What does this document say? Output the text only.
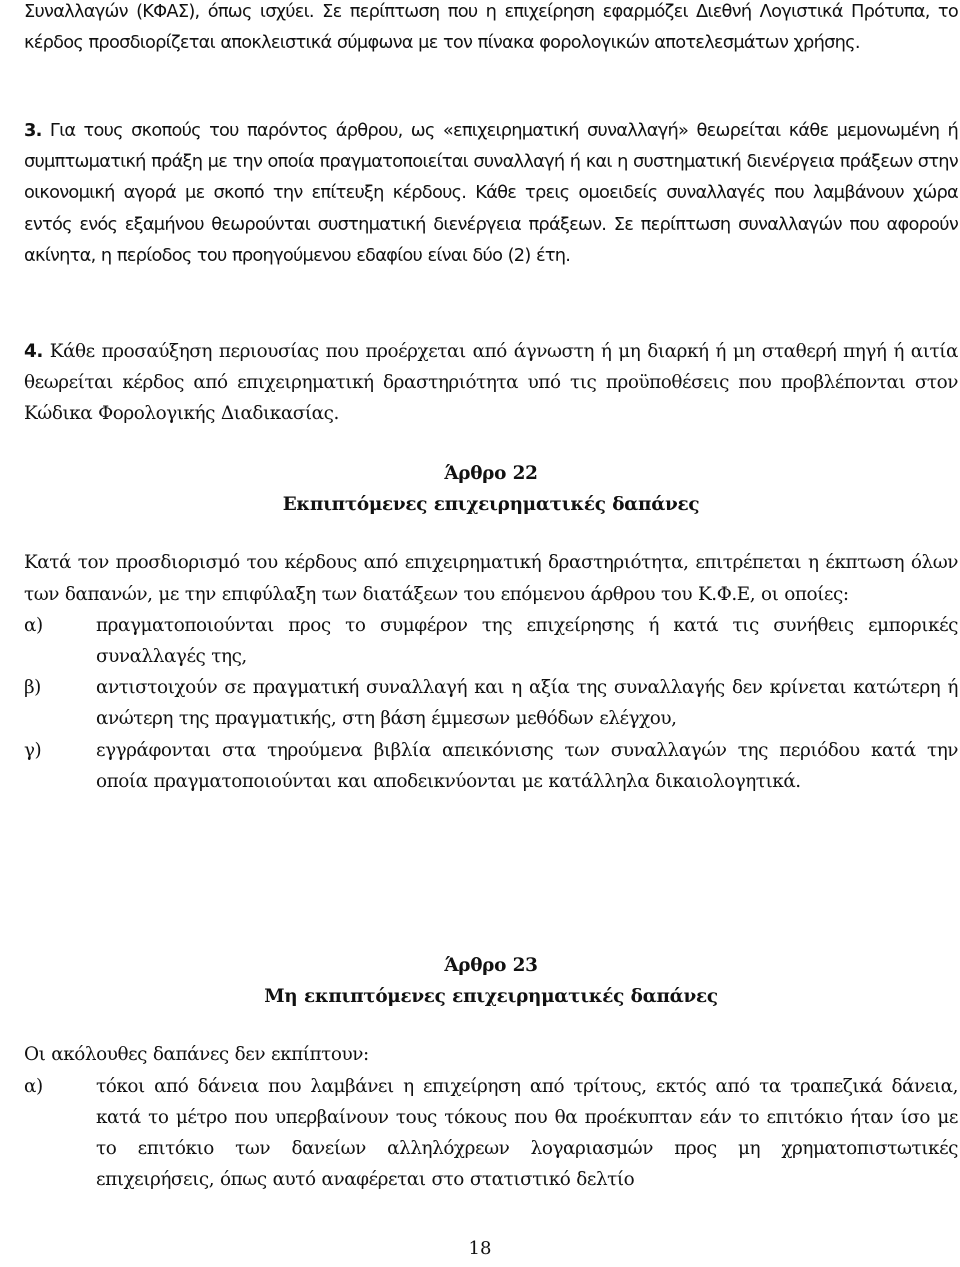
Συναλλαγών (ΚΦΑΣ), όπως ισχύει. Σε περίπτωση που η επιχείρηση εφαρμόζει Διεθνή Λογιστικά Πρότυπα, το κέρδος προσδιορίζεται αποκλειστικά σύμφωνα με τον πίνακα φορολογικών αποτελεσμάτων χρήσης.

3. Για τους σκοπούς του παρόντος άρθρου, ως «επιχειρηματική συναλλαγή» θεωρείται κάθε μεμονωμένη ή συμπτωματική πράξη με την οποία πραγματοποιείται συναλλαγή ή και η συστηματική διενέργεια πράξεων στην οικονομική αγορά με σκοπό την επίτευξη κέρδους. Κάθε τρεις ομοειδείς συναλλαγές που λαμβάνουν χώρα εντός ενός εξαμήνου θεωρούνται συστηματική διενέργεια πράξεων. Σε περίπτωση συναλλαγών που αφορούν ακίνητα, η περίοδος του προηγούμενου εδαφίου είναι δύο (2) έτη.

4. Κάθε προσαύξηση περιουσίας που προέρχεται από άγνωστη ή μη διαρκή ή μη σταθερή πηγή ή αιτία θεωρείται κέρδος από επιχειρηματική δραστηριότητα υπό τις προϋποθέσεις που προβλέπονται στον Κώδικα Φορολογικής Διαδικασίας.

Άρθρο 22

Εκπιπτόμενες επιχειρηματικές δαπάνες

Κατά τον προσδιορισμό του κέρδους από επιχειρηματική δραστηριότητα, επιτρέπεται η έκπτωση όλων των δαπανών, με την επιφύλαξη των διατάξεων του επόμενου άρθρου του Κ.Φ.Ε, οι οποίες:

α)	πραγματοποιούνται προς το συμφέρον της επιχείρησης ή κατά τις συνήθεις εμπορικές συναλλαγές της,
β)	αντιστοιχούν σε πραγματική συναλλαγή και η αξία της συναλλαγής δεν κρίνεται κατώτερη ή ανώτερη της πραγματικής, στη βάση έμμεσων μεθόδων ελέγχου,
γ)	εγγράφονται στα τηρούμενα βιβλία απεικόνισης των συναλλαγών της περιόδου κατά την οποία πραγματοποιούνται και αποδεικνύονται με κατάλληλα δικαιολογητικά.

Άρθρο 23

Μη εκπιπτόμενες επιχειρηματικές δαπάνες

Οι ακόλουθες δαπάνες δεν εκπίπτουν:

α)	τόκοι από δάνεια που λαμβάνει η επιχείρηση από τρίτους, εκτός από τα τραπεζικά δάνεια, κατά το μέτρο που υπερβαίνουν τους τόκους που θα προέκυπταν εάν το επιτόκιο ήταν ίσο με το επιτόκιο των δανείων αλληλόχρεων λογαριασμών προς μη χρηματοπιστωτικές επιχειρήσεις, όπως αυτό αναφέρεται στο στατιστικό δελτίο
18
